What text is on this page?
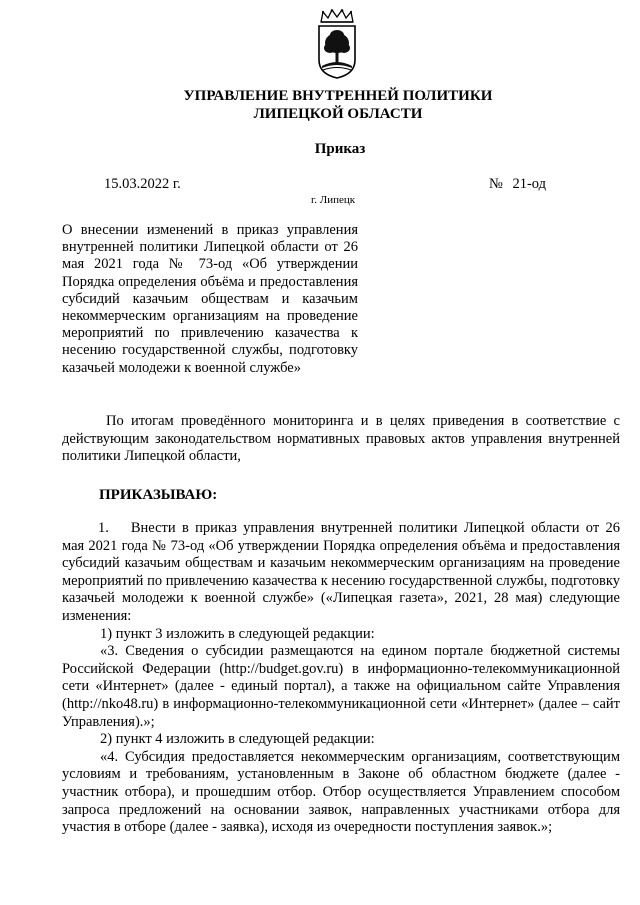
УПРАВЛЕНИЕ ВНУТРЕННЕЙ ПОЛИТИКИ
ЛИПЕЦКОЙ ОБЛАСТИ
Приказ
15.03.2022 г.	№ 21-од
г. Липецк
О внесении изменений в приказ управления внутренней политики Липецкой области от 26 мая 2021 года № 73-од «Об утверждении Порядка определения объёма и предоставления субсидий казачьим обществам и казачьим некоммерческим организациям на проведение мероприятий по привлечению казачества к несению государственной службы, подготовку казачьей молодежи к военной службе»
По итогам проведённого мониторинга и в целях приведения в соответствие с действующим законодательством нормативных правовых актов управления внутренней политики Липецкой области,
ПРИКАЗЫВАЮ:

1. Внести в приказ управления внутренней политики Липецкой области от 26 мая 2021 года № 73-од «Об утверждении Порядка определения объёма и предоставления субсидий казачьим обществам и казачьим некоммерческим организациям на проведение мероприятий по привлечению казачества к несению государственной службы, подготовку казачьей молодежи к военной службе» («Липецкая газета», 2021, 28 мая) следующие изменения:

1) пункт 3 изложить в следующей редакции:

«3. Сведения о субсидии размещаются на едином портале бюджетной системы Российской Федерации (http://budget.gov.ru) в информационно-телекоммуникационной сети «Интернет» (далее - единый портал), а также на официальном сайте Управления (http://nko48.ru) в информационно-телекоммуникационной сети «Интернет» (далее – сайт Управления).»;

2) пункт 4 изложить в следующей редакции:

«4. Субсидия предоставляется некоммерческим организациям, соответствующим условиям и требованиям, установленным в Законе об областном бюджете (далее - участник отбора), и прошедшим отбор. Отбор осуществляется Управлением способом запроса предложений на основании заявок, направленных участниками отбора для участия в отборе (далее - заявка), исходя из очередности поступления заявок.»;
